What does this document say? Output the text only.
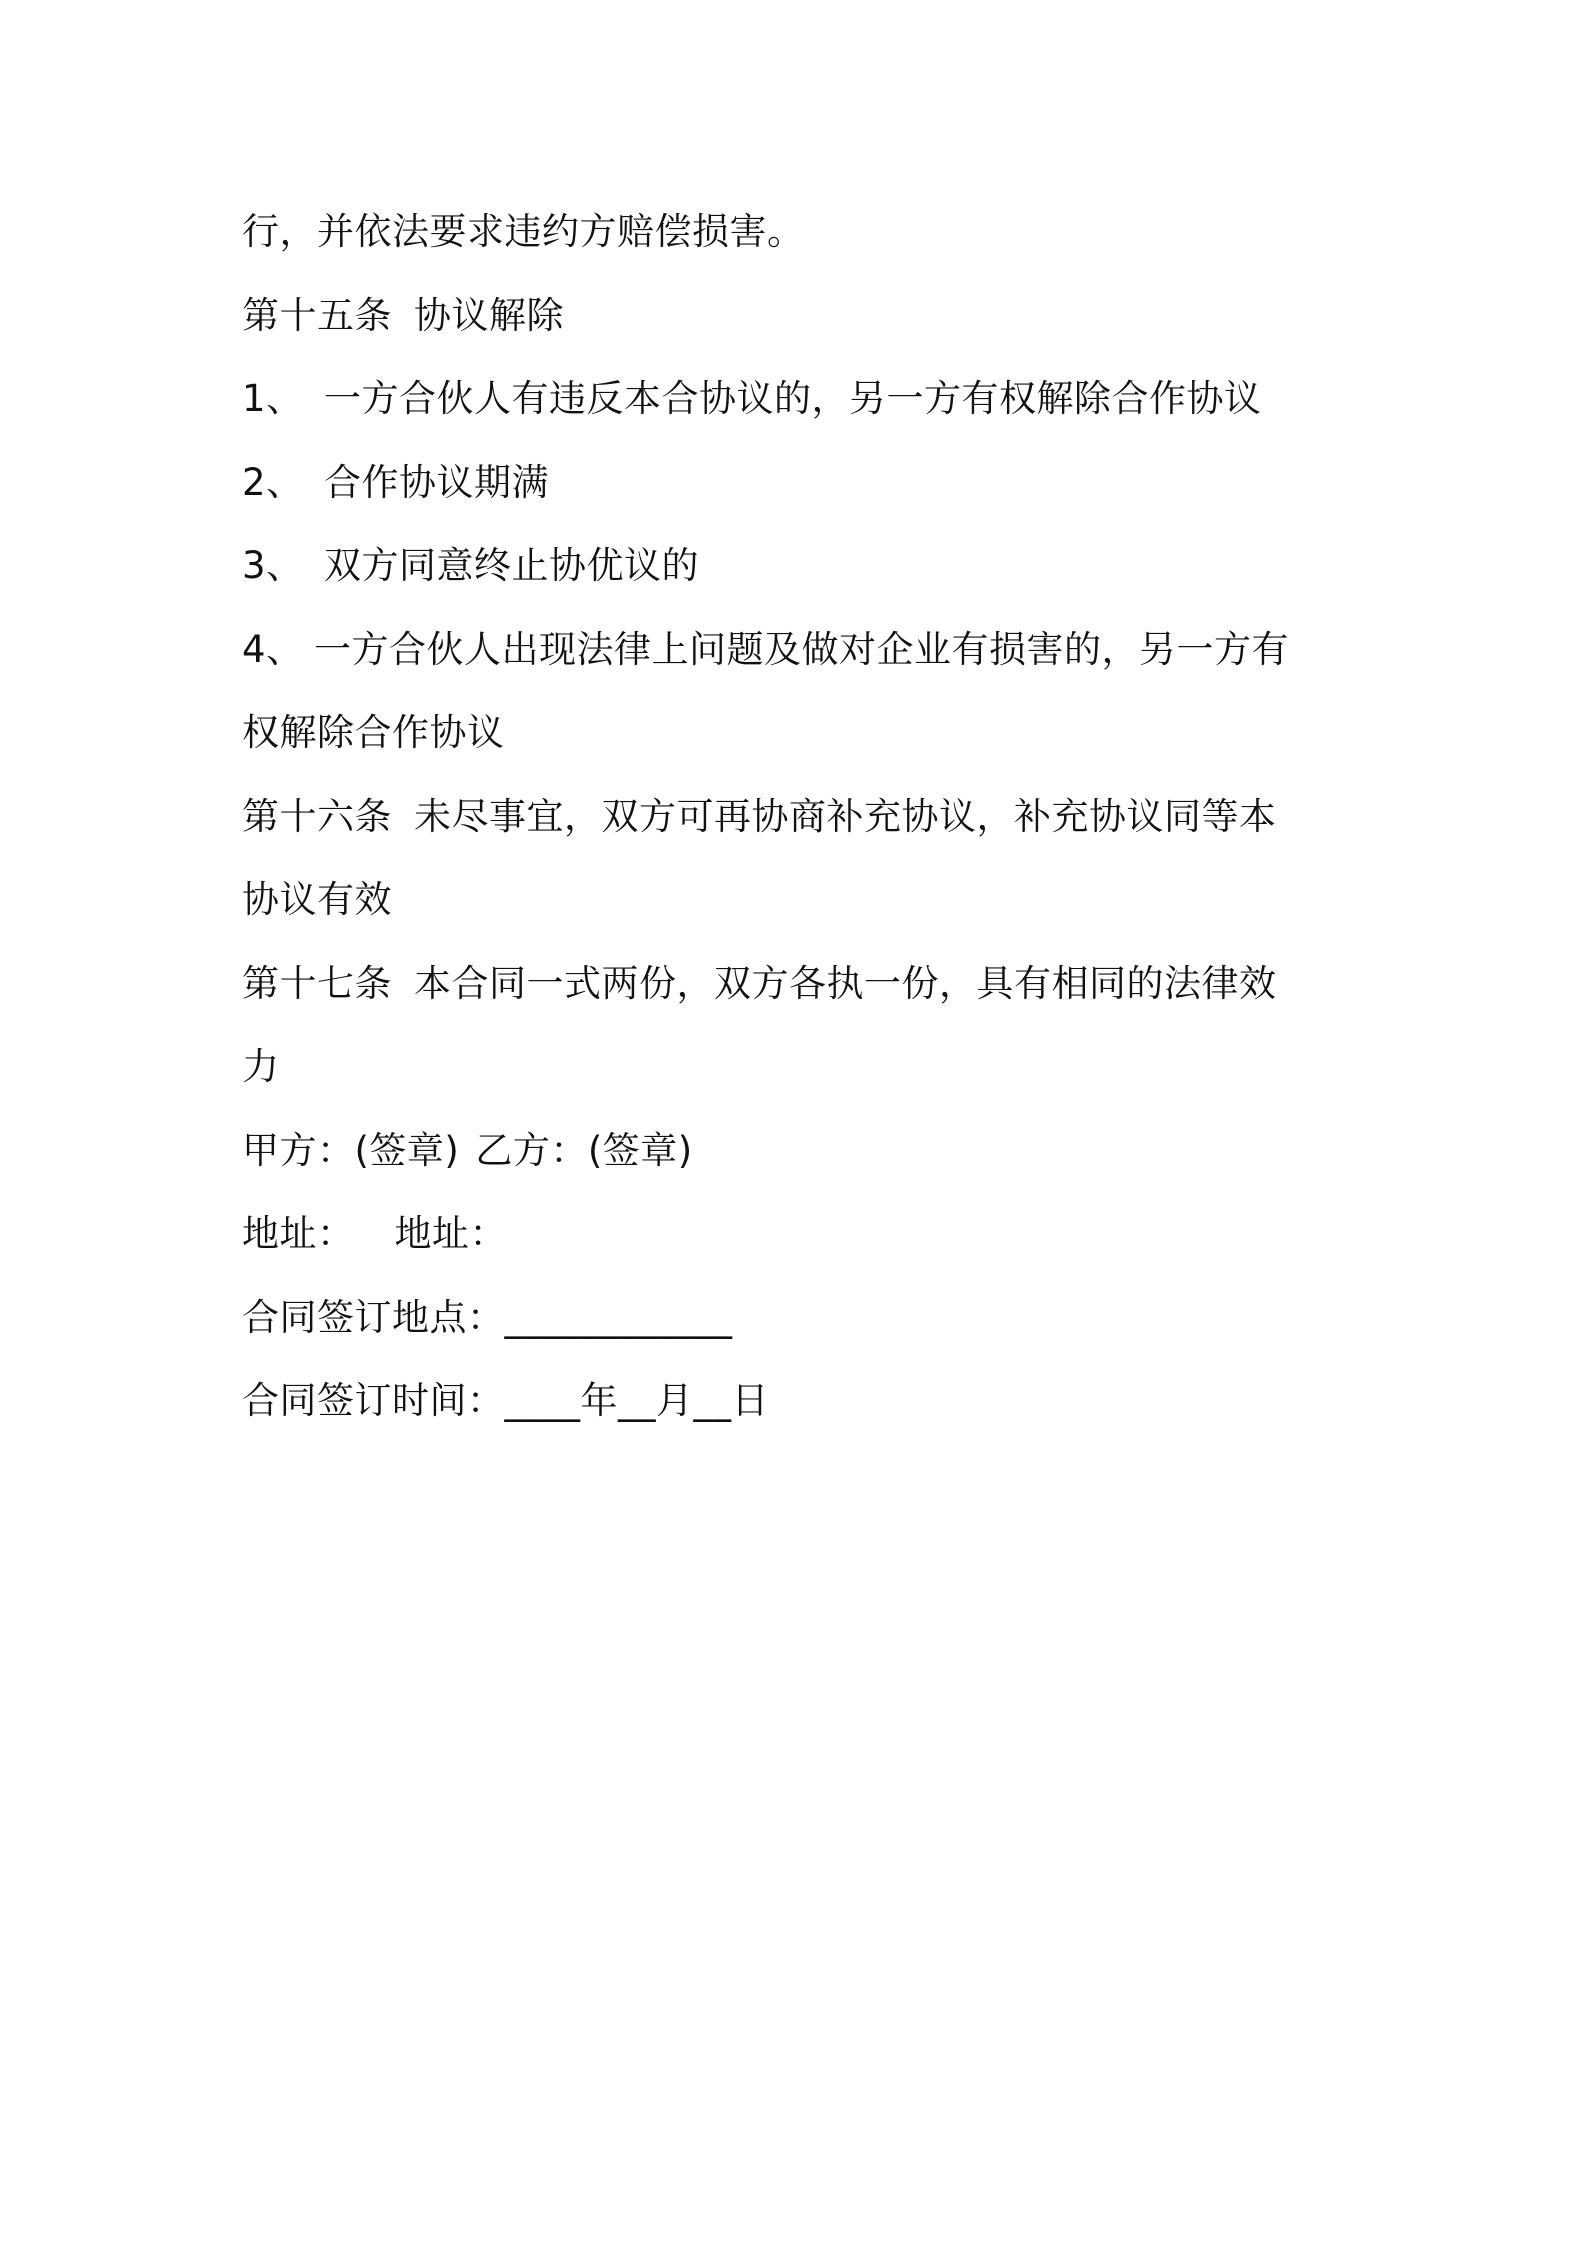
行，并依法要求违约方赔偿损害。
第十五条 协议解除
1、 一方合伙人有违反本合协议的，另一方有权解除合作协议
2、 合作协议期满
3、 双方同意终止协优议的
4、 一方合伙人出现法律上问题及做对企业有损害的，另一方有
权解除合作协议
第十六条 未尽事宜，双方可再协商补充协议，补充协议同等本
协议有效
第十七条 本合同一式两份，双方各执一份，具有相同的法律效
力
甲方：(签章) 乙方：(签章)
地址： 地址：
合同签订地点：____________
合同签订时间：____年__月__日
